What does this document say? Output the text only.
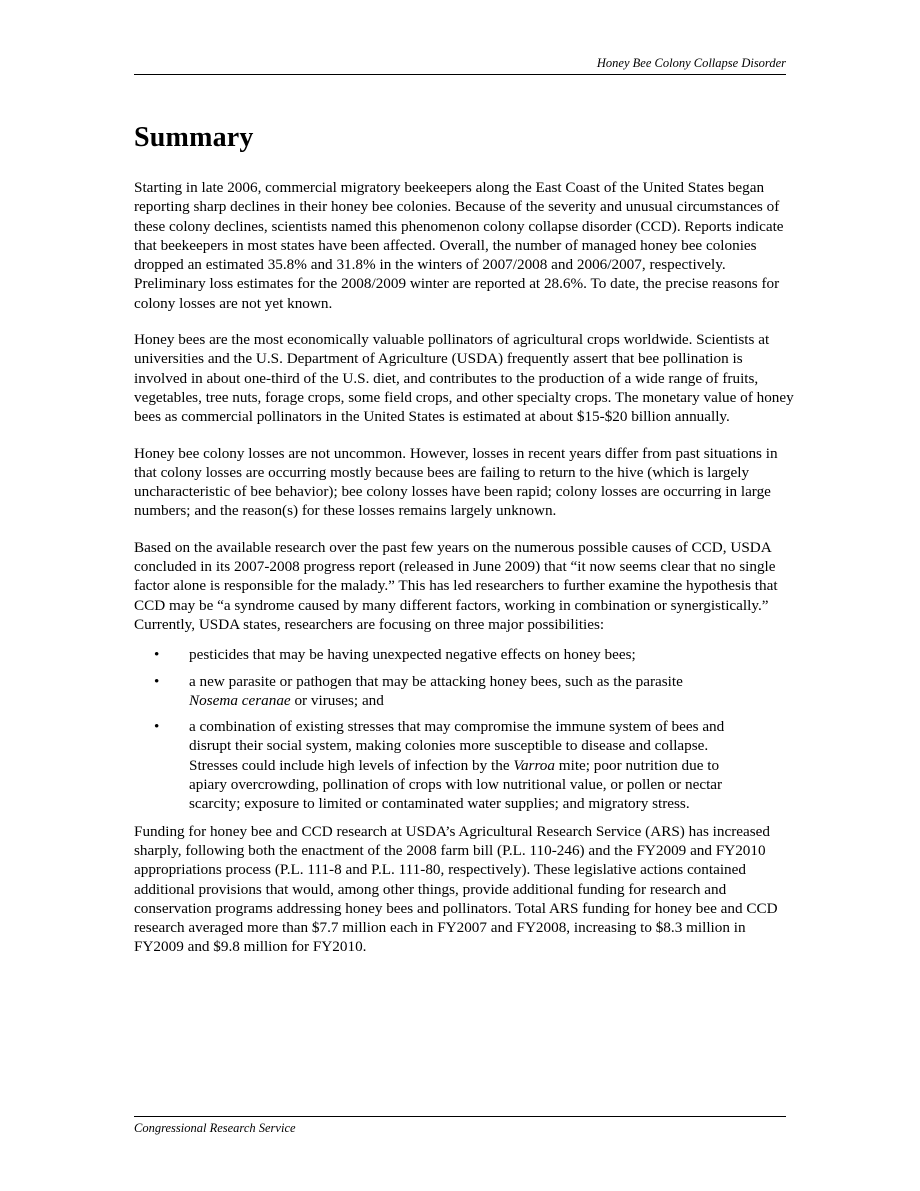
Honey Bee Colony Collapse Disorder
Summary

Starting in late 2006, commercial migratory beekeepers along the East Coast of the United States began reporting sharp declines in their honey bee colonies. Because of the severity and unusual circumstances of these colony declines, scientists named this phenomenon colony collapse disorder (CCD). Reports indicate that beekeepers in most states have been affected. Overall, the number of managed honey bee colonies dropped an estimated 35.8% and 31.8% in the winters of 2007/2008 and 2006/2007, respectively. Preliminary loss estimates for the 2008/2009 winter are reported at 28.6%. To date, the precise reasons for colony losses are not yet known.

Honey bees are the most economically valuable pollinators of agricultural crops worldwide. Scientists at universities and the U.S. Department of Agriculture (USDA) frequently assert that bee pollination is involved in about one-third of the U.S. diet, and contributes to the production of a wide range of fruits, vegetables, tree nuts, forage crops, some field crops, and other specialty crops. The monetary value of honey bees as commercial pollinators in the United States is estimated at about $15-$20 billion annually.

Honey bee colony losses are not uncommon. However, losses in recent years differ from past situations in that colony losses are occurring mostly because bees are failing to return to the hive (which is largely uncharacteristic of bee behavior); bee colony losses have been rapid; colony losses are occurring in large numbers; and the reason(s) for these losses remains largely unknown.

Based on the available research over the past few years on the numerous possible causes of CCD, USDA concluded in its 2007-2008 progress report (released in June 2009) that “it now seems clear that no single factor alone is responsible for the malady.” This has led researchers to further examine the hypothesis that CCD may be “a syndrome caused by many different factors, working in combination or synergistically.” Currently, USDA states, researchers are focusing on three major possibilities:

• pesticides that may be having unexpected negative effects on honey bees;
• a new parasite or pathogen that may be attacking honey bees, such as the parasite Nosema ceranae or viruses; and
• a combination of existing stresses that may compromise the immune system of bees and disrupt their social system, making colonies more susceptible to disease and collapse. Stresses could include high levels of infection by the Varroa mite; poor nutrition due to apiary overcrowding, pollination of crops with low nutritional value, or pollen or nectar scarcity; exposure to limited or contaminated water supplies; and migratory stress.

Funding for honey bee and CCD research at USDA’s Agricultural Research Service (ARS) has increased sharply, following both the enactment of the 2008 farm bill (P.L. 110-246) and the FY2009 and FY2010 appropriations process (P.L. 111-8 and P.L. 111-80, respectively). These legislative actions contained additional provisions that would, among other things, provide additional funding for research and conservation programs addressing honey bees and pollinators. Total ARS funding for honey bee and CCD research averaged more than $7.7 million each in FY2007 and FY2008, increasing to $8.3 million in FY2009 and $9.8 million for FY2010.

Congressional Research Service
